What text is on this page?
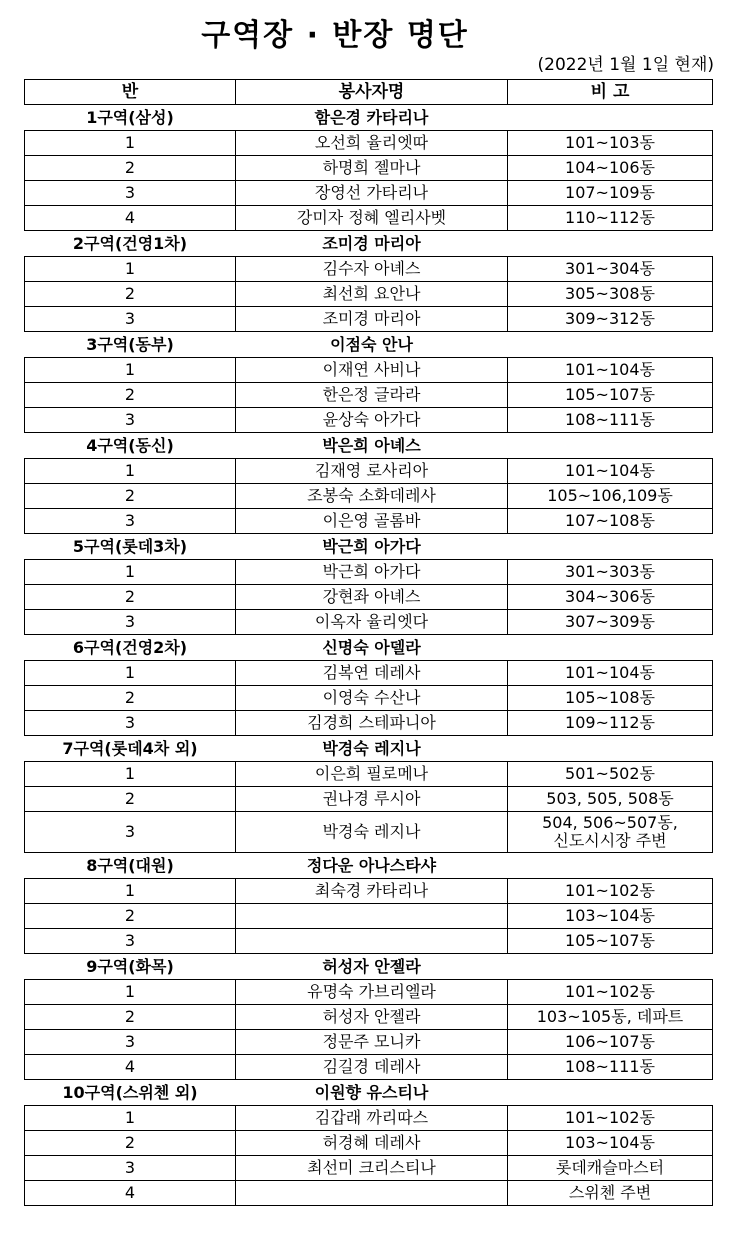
구역장 · 반장 명단
(2022년 1월 1일 현재)
반	봉사자명	비 고
1구역(삼성)	함은경 카타리나	
1	오선희 율리엣따	101~103동
2	하명희 젤마나	104~106동
3	장영선 가타리나	107~109동
4	강미자 정혜 엘리사벳	110~112동
2구역(건영1차)	조미경 마리아	
1	김수자 아녜스	301~304동
2	최선희 요안나	305~308동
3	조미경 마리아	309~312동
3구역(동부)	이점숙 안나	
1	이재연 사비나	101~104동
2	한은정 글라라	105~107동
3	윤상숙 아가다	108~111동
4구역(동신)	박은희 아녜스	
1	김재영 로사리아	101~104동
2	조봉숙 소화데레사	105~106,109동
3	이은영 골롬바	107~108동
5구역(롯데3차)	박근희 아가다	
1	박근희 아가다	301~303동
2	강현좌 아녜스	304~306동
3	이옥자 율리엣다	307~309동
6구역(건영2차)	신명숙 아델라	
1	김복연 데레사	101~104동
2	이영숙 수산나	105~108동
3	김경희 스테파니아	109~112동
7구역(롯데4차 외)	박경숙 레지나	
1	이은희 필로메나	501~502동
2	권나경 루시아	503, 505, 508동
3	박경숙 레지나	504, 506~507동,
신도시시장 주변

8구역(대원)	정다운 아나스타샤	
1	최숙경 카타리나	101~102동
2		103~104동
3		105~107동
9구역(화목)	허성자 안젤라	
1	유명숙 가브리엘라	101~102동
2	허성자 안젤라	103~105동, 데파트
3	정문주 모니카	106~107동
4	김길경 데레사	108~111동
10구역(스위첸 외)	이원향 유스티나	
1	김갑래 까리따스	101~102동
2	허경혜 데레사	103~104동
3	최선미 크리스티나	롯데캐슬마스터
4		스위첸 주변
